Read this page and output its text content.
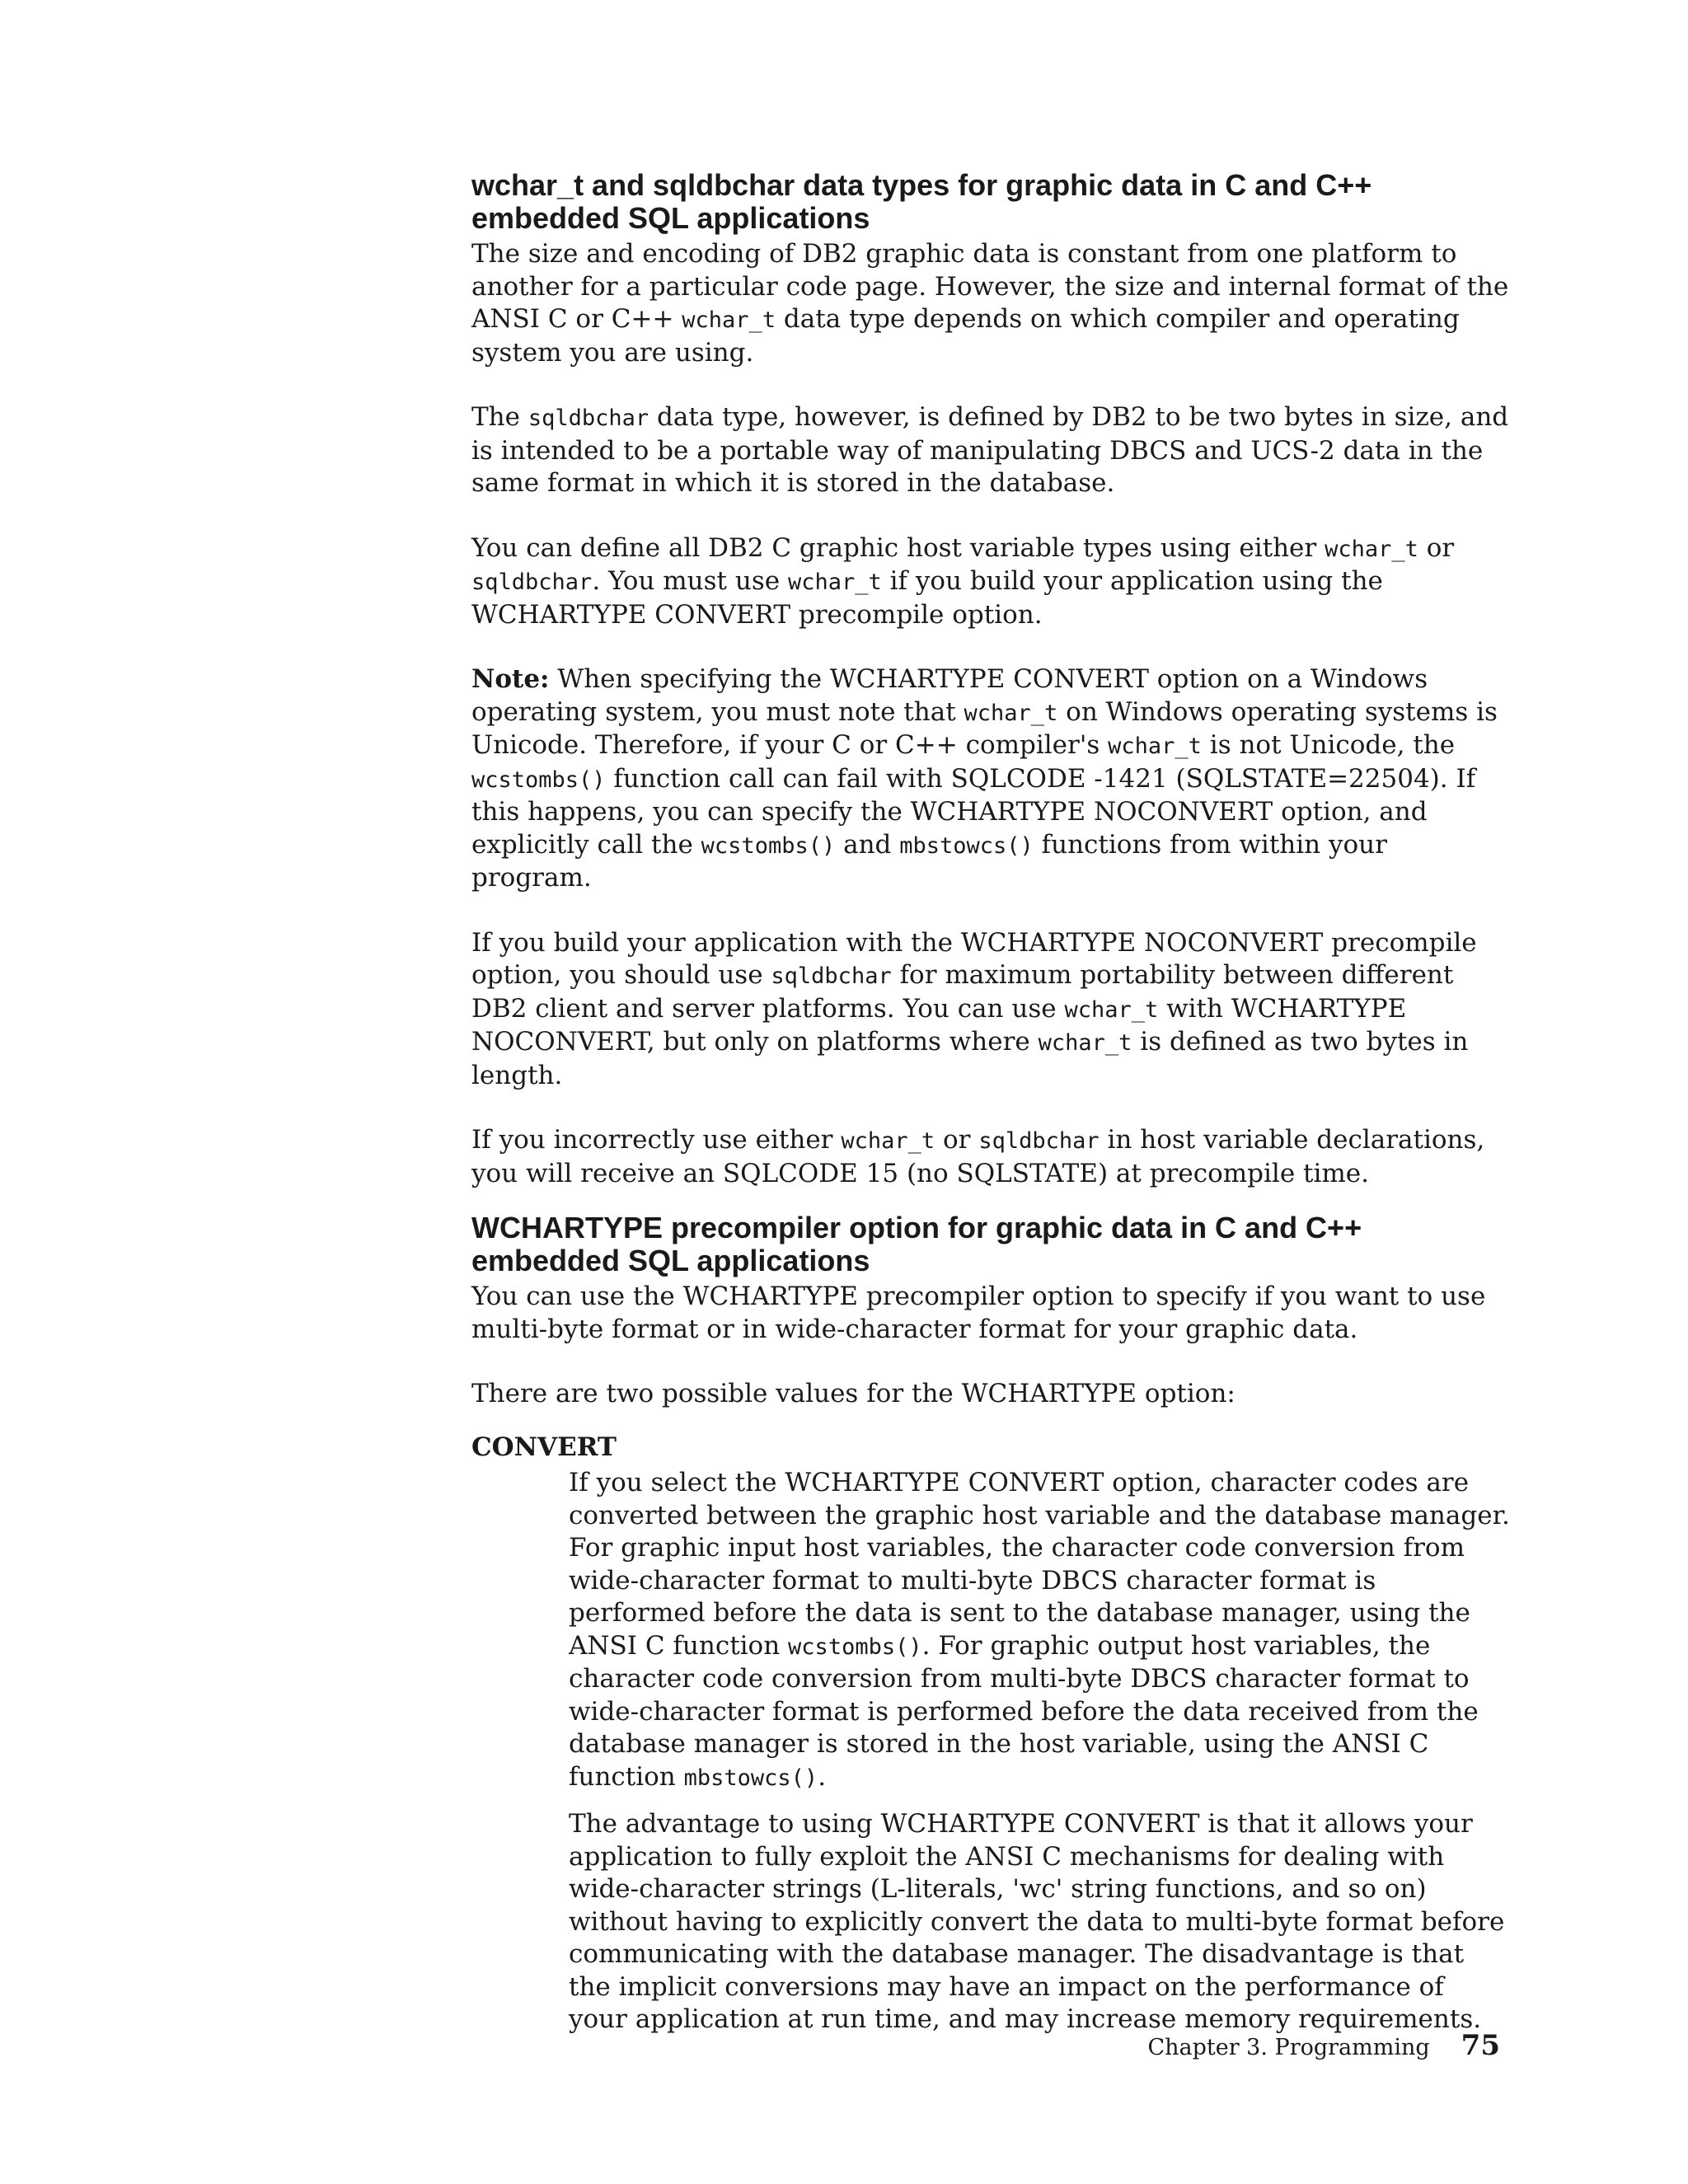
wchar_t and sqldbchar data types for graphic data in C and C++ embedded SQL applications

The size and encoding of DB2 graphic data is constant from one platform to another for a particular code page. However, the size and internal format of the ANSI C or C++ wchar_t data type depends on which compiler and operating system you are using.

The sqldbchar data type, however, is defined by DB2 to be two bytes in size, and is intended to be a portable way of manipulating DBCS and UCS-2 data in the same format in which it is stored in the database.

You can define all DB2 C graphic host variable types using either wchar_t or sqldbchar. You must use wchar_t if you build your application using the WCHARTYPE CONVERT precompile option.

Note: When specifying the WCHARTYPE CONVERT option on a Windows operating system, you must note that wchar_t on Windows operating systems is Unicode. Therefore, if your C or C++ compiler's wchar_t is not Unicode, the wcstombs() function call can fail with SQLCODE -1421 (SQLSTATE=22504). If this happens, you can specify the WCHARTYPE NOCONVERT option, and explicitly call the wcstombs() and mbstowcs() functions from within your program.

If you build your application with the WCHARTYPE NOCONVERT precompile option, you should use sqldbchar for maximum portability between different DB2 client and server platforms. You can use wchar_t with WCHARTYPE NOCONVERT, but only on platforms where wchar_t is defined as two bytes in length.

If you incorrectly use either wchar_t or sqldbchar in host variable declarations, you will receive an SQLCODE 15 (no SQLSTATE) at precompile time.

WCHARTYPE precompiler option for graphic data in C and C++ embedded SQL applications

You can use the WCHARTYPE precompiler option to specify if you want to use multi-byte format or in wide-character format for your graphic data.

There are two possible values for the WCHARTYPE option:

CONVERT

If you select the WCHARTYPE CONVERT option, character codes are converted between the graphic host variable and the database manager. For graphic input host variables, the character code conversion from wide-character format to multi-byte DBCS character format is performed before the data is sent to the database manager, using the ANSI C function wcstombs(). For graphic output host variables, the character code conversion from multi-byte DBCS character format to wide-character format is performed before the data received from the database manager is stored in the host variable, using the ANSI C function mbstowcs().

The advantage to using WCHARTYPE CONVERT is that it allows your application to fully exploit the ANSI C mechanisms for dealing with wide-character strings (L-literals, 'wc' string functions, and so on) without having to explicitly convert the data to multi-byte format before communicating with the database manager. The disadvantage is that the implicit conversions may have an impact on the performance of your application at run time, and may increase memory requirements.

Chapter 3. Programming 75
